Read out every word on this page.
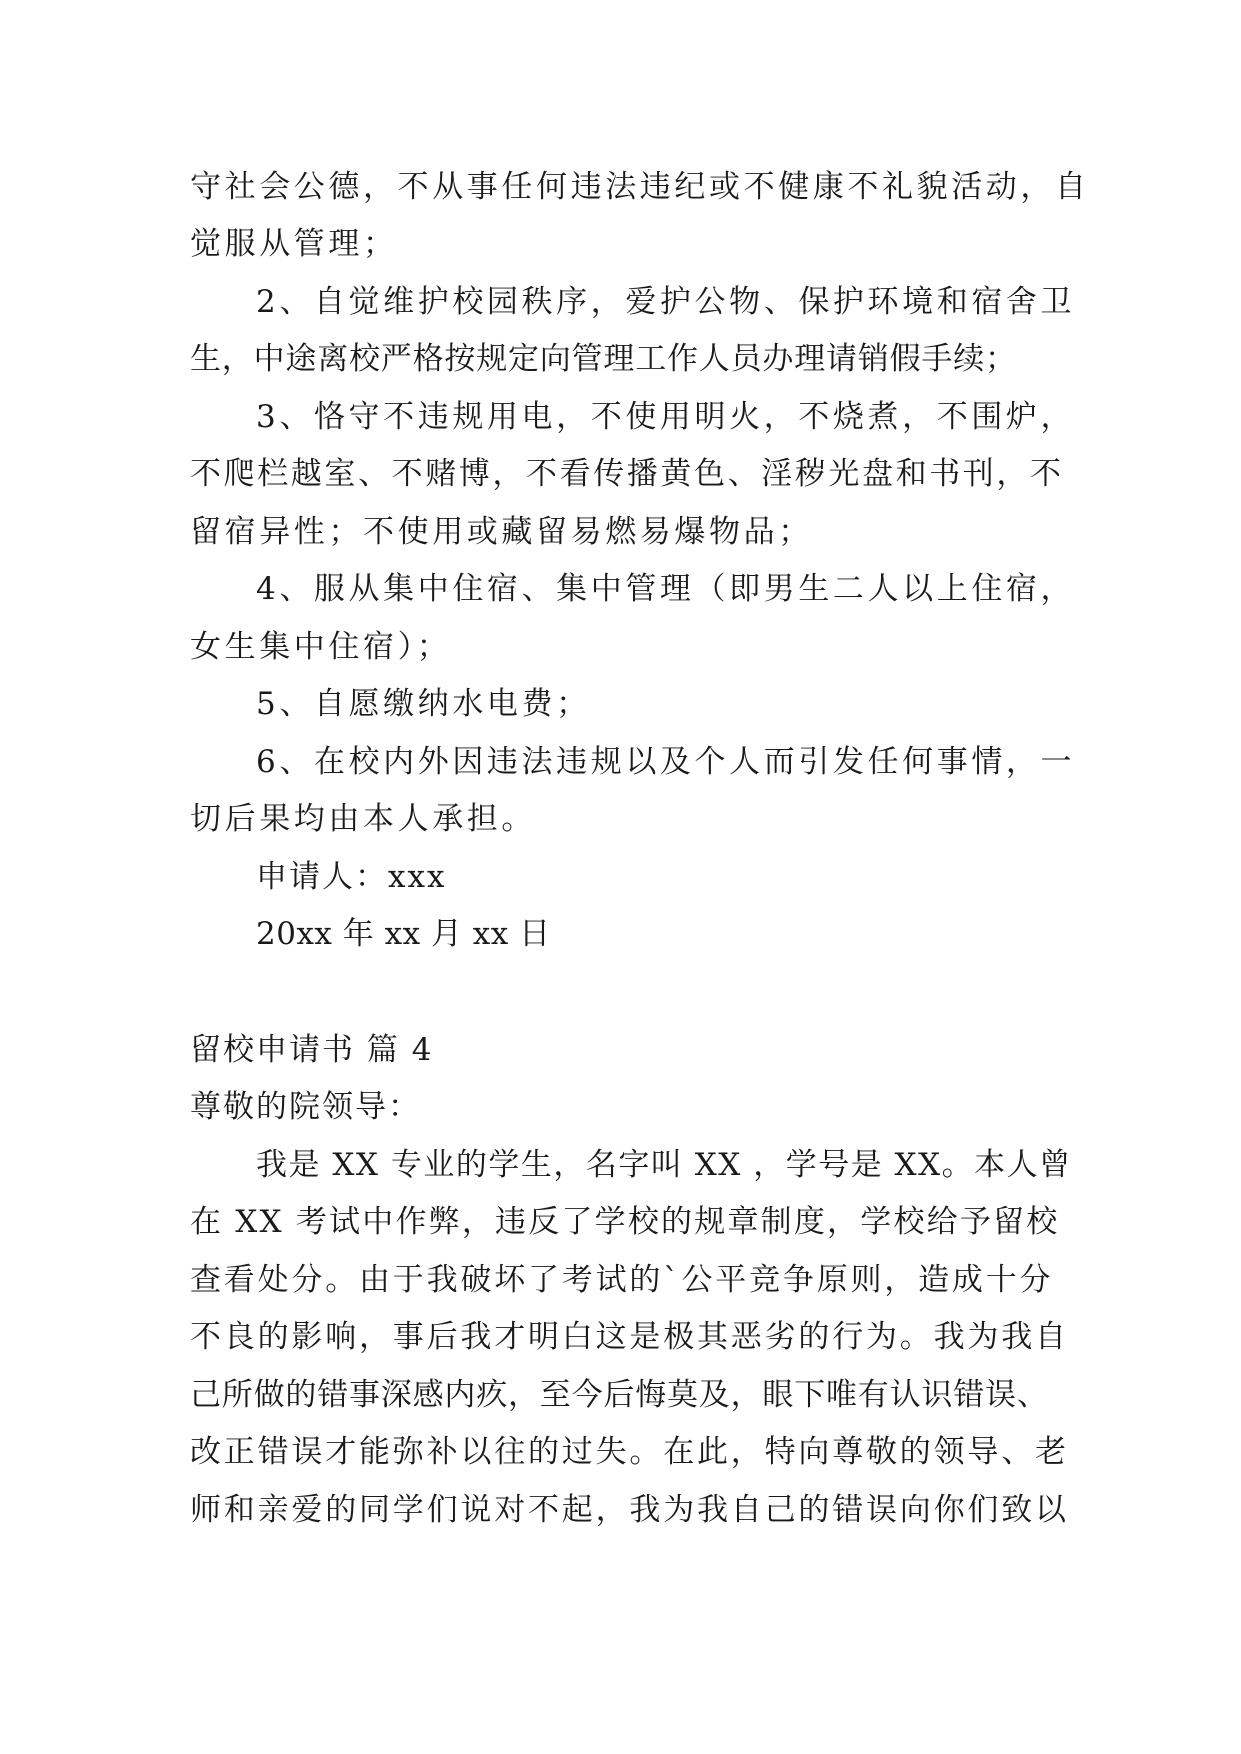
守社会公德，不从事任何违法违纪或不健康不礼貌活动，自

觉服从管理；

2、自觉维护校园秩序，爱护公物、保护环境和宿舍卫

生，中途离校严格按规定向管理工作人员办理请销假手续；

3、恪守不违规用电，不使用明火，不烧煮，不围炉，

不爬栏越室、不赌博，不看传播黄色、淫秽光盘和书刊，不

留宿异性；不使用或藏留易燃易爆物品；

4、服从集中住宿、集中管理（即男生二人以上住宿，

女生集中住宿）；

5、自愿缴纳水电费；

6、在校内外因违法违规以及个人而引发任何事情，一

切后果均由本人承担。

申请人：xxx

20xx 年 xx 月 xx 日

留校申请书 篇 4

尊敬的院领导：

我是 XX 专业的学生，名字叫 XX ，学号是 XX。本人曾

在 XX 考试中作弊，违反了学校的规章制度，学校给予留校

查看处分。由于我破坏了考试的`公平竞争原则，造成十分

不良的影响，事后我才明白这是极其恶劣的行为。我为我自

己所做的错事深感内疚，至今后悔莫及，眼下唯有认识错误、

改正错误才能弥补以往的过失。在此，特向尊敬的领导、老

师和亲爱的同学们说对不起，我为我自己的错误向你们致以
